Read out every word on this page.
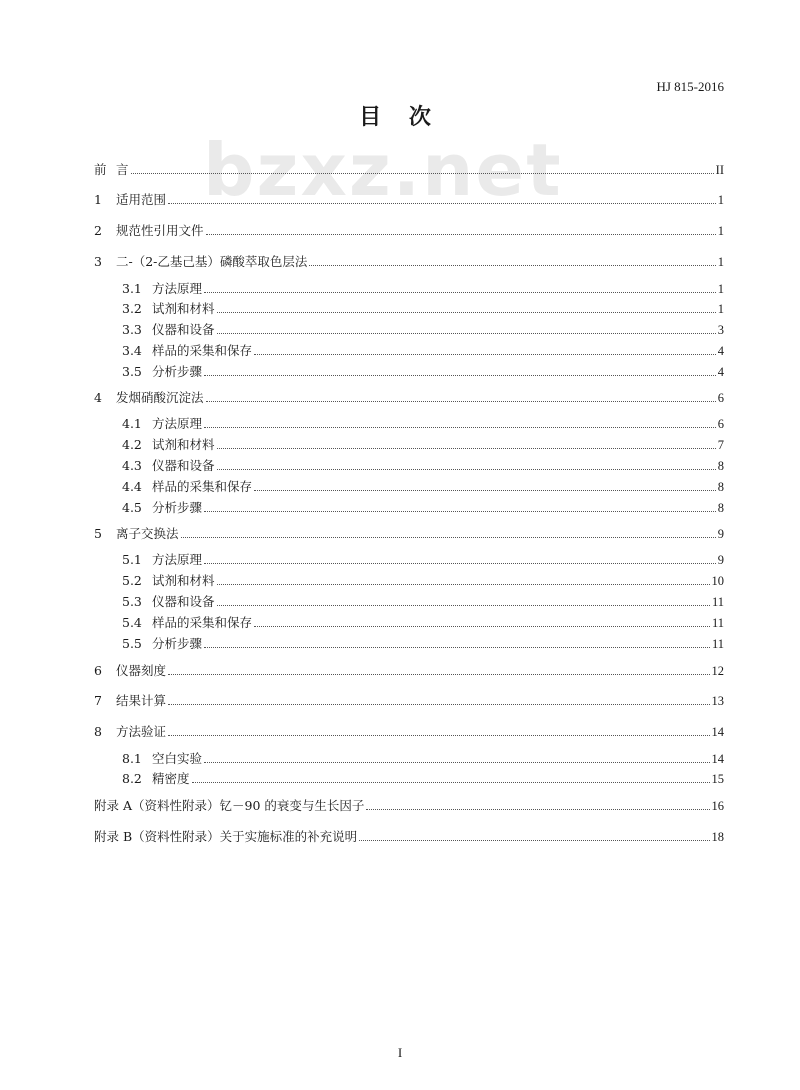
bzxz.net
HJ 815-2016
目 次
前 言	II
1	适用范围	1
2	规范性引用文件	1
3	二-（2-乙基己基）磷酸萃取色层法	1
3.1 方法原理	1
3.2 试剂和材料	1
3.3 仪器和设备	3
3.4 样品的采集和保存	4
3.5 分析步骤	4
4	发烟硝酸沉淀法	6
4.1 方法原理	6
4.2 试剂和材料	7
4.3 仪器和设备	8
4.4 样品的采集和保存	8
4.5 分析步骤	8
5	离子交换法	9
5.1 方法原理	9
5.2 试剂和材料	10
5.3 仪器和设备	11
5.4 样品的采集和保存	11
5.5 分析步骤	11
6	仪器刻度	12
7	结果计算	13
8	方法验证	14
8.1 空白实验	14
8.2 精密度	15
附录 A（资料性附录）钇－90 的衰变与生长因子	16
附录 B（资料性附录）关于实施标准的补充说明	18
I
